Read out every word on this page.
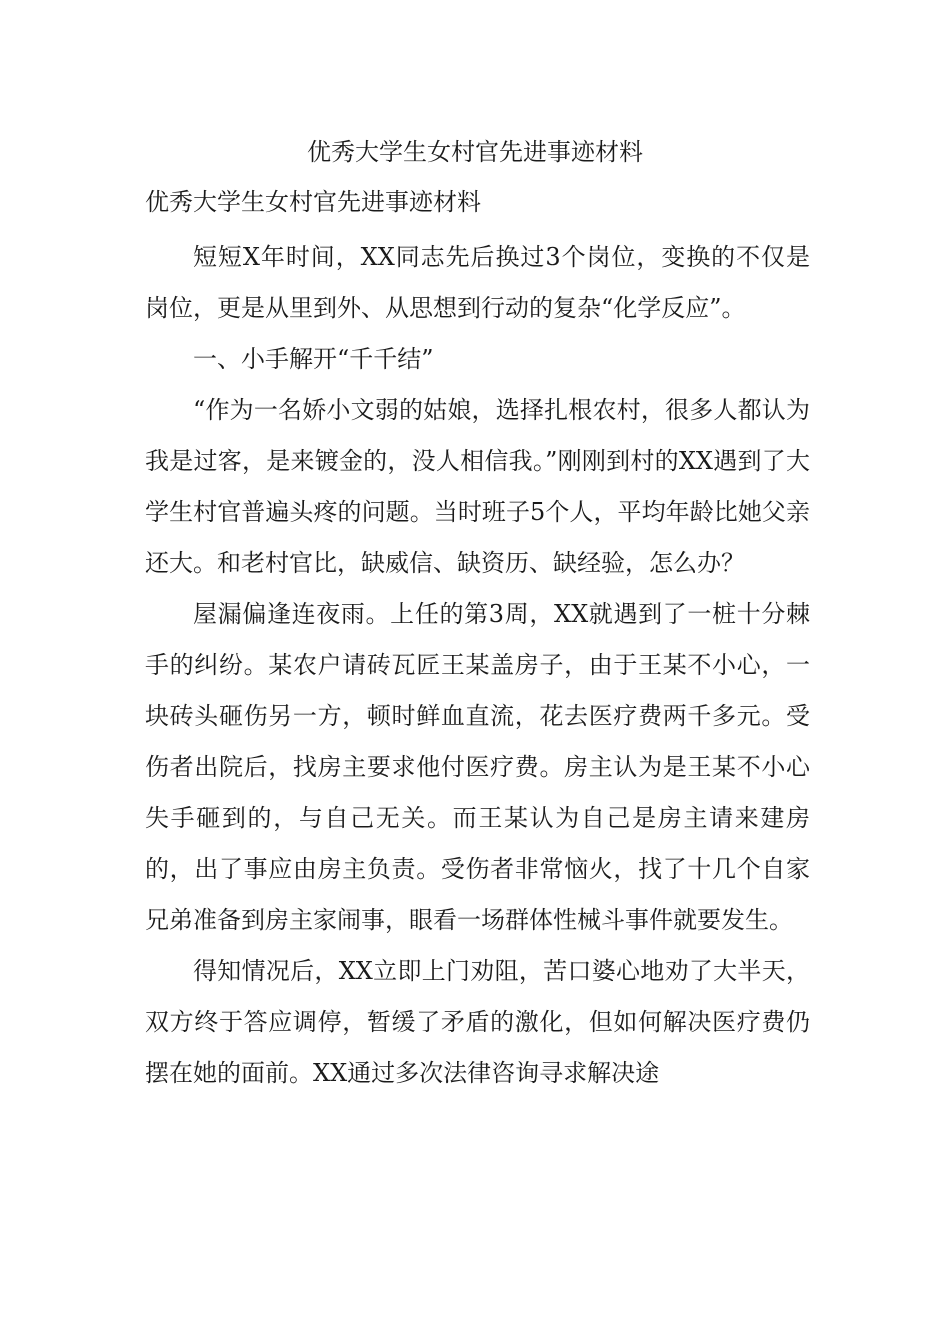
优秀大学生女村官先进事迹材料
优秀大学生女村官先进事迹材料

短短X年时间，XX同志先后换过3个岗位，变换的不仅是岗位，更是从里到外、从思想到行动的复杂“化学反应”。

一、小手解开“千千结”

“作为一名娇小文弱的姑娘，选择扎根农村，很多人都认为我是过客，是来镀金的，没人相信我。”刚刚到村的XX遇到了大学生村官普遍头疼的问题。当时班子5个人，平均年龄比她父亲还大。和老村官比，缺威信、缺资历、缺经验，怎么办？

屋漏偏逢连夜雨。上任的第3周，XX就遇到了一桩十分棘手的纠纷。某农户请砖瓦匠王某盖房子，由于王某不小心，一块砖头砸伤另一方，顿时鲜血直流，花去医疗费两千多元。受伤者出院后，找房主要求他付医疗费。房主认为是王某不小心失手砸到的，与自己无关。而王某认为自己是房主请来建房的，出了事应由房主负责。受伤者非常恼火，找了十几个自家兄弟准备到房主家闹事，眼看一场群体性械斗事件就要发生。

得知情况后，XX立即上门劝阻，苦口婆心地劝了大半天，双方终于答应调停，暂缓了矛盾的激化，但如何解决医疗费仍摆在她的面前。XX通过多次法律咨询寻求解决途
